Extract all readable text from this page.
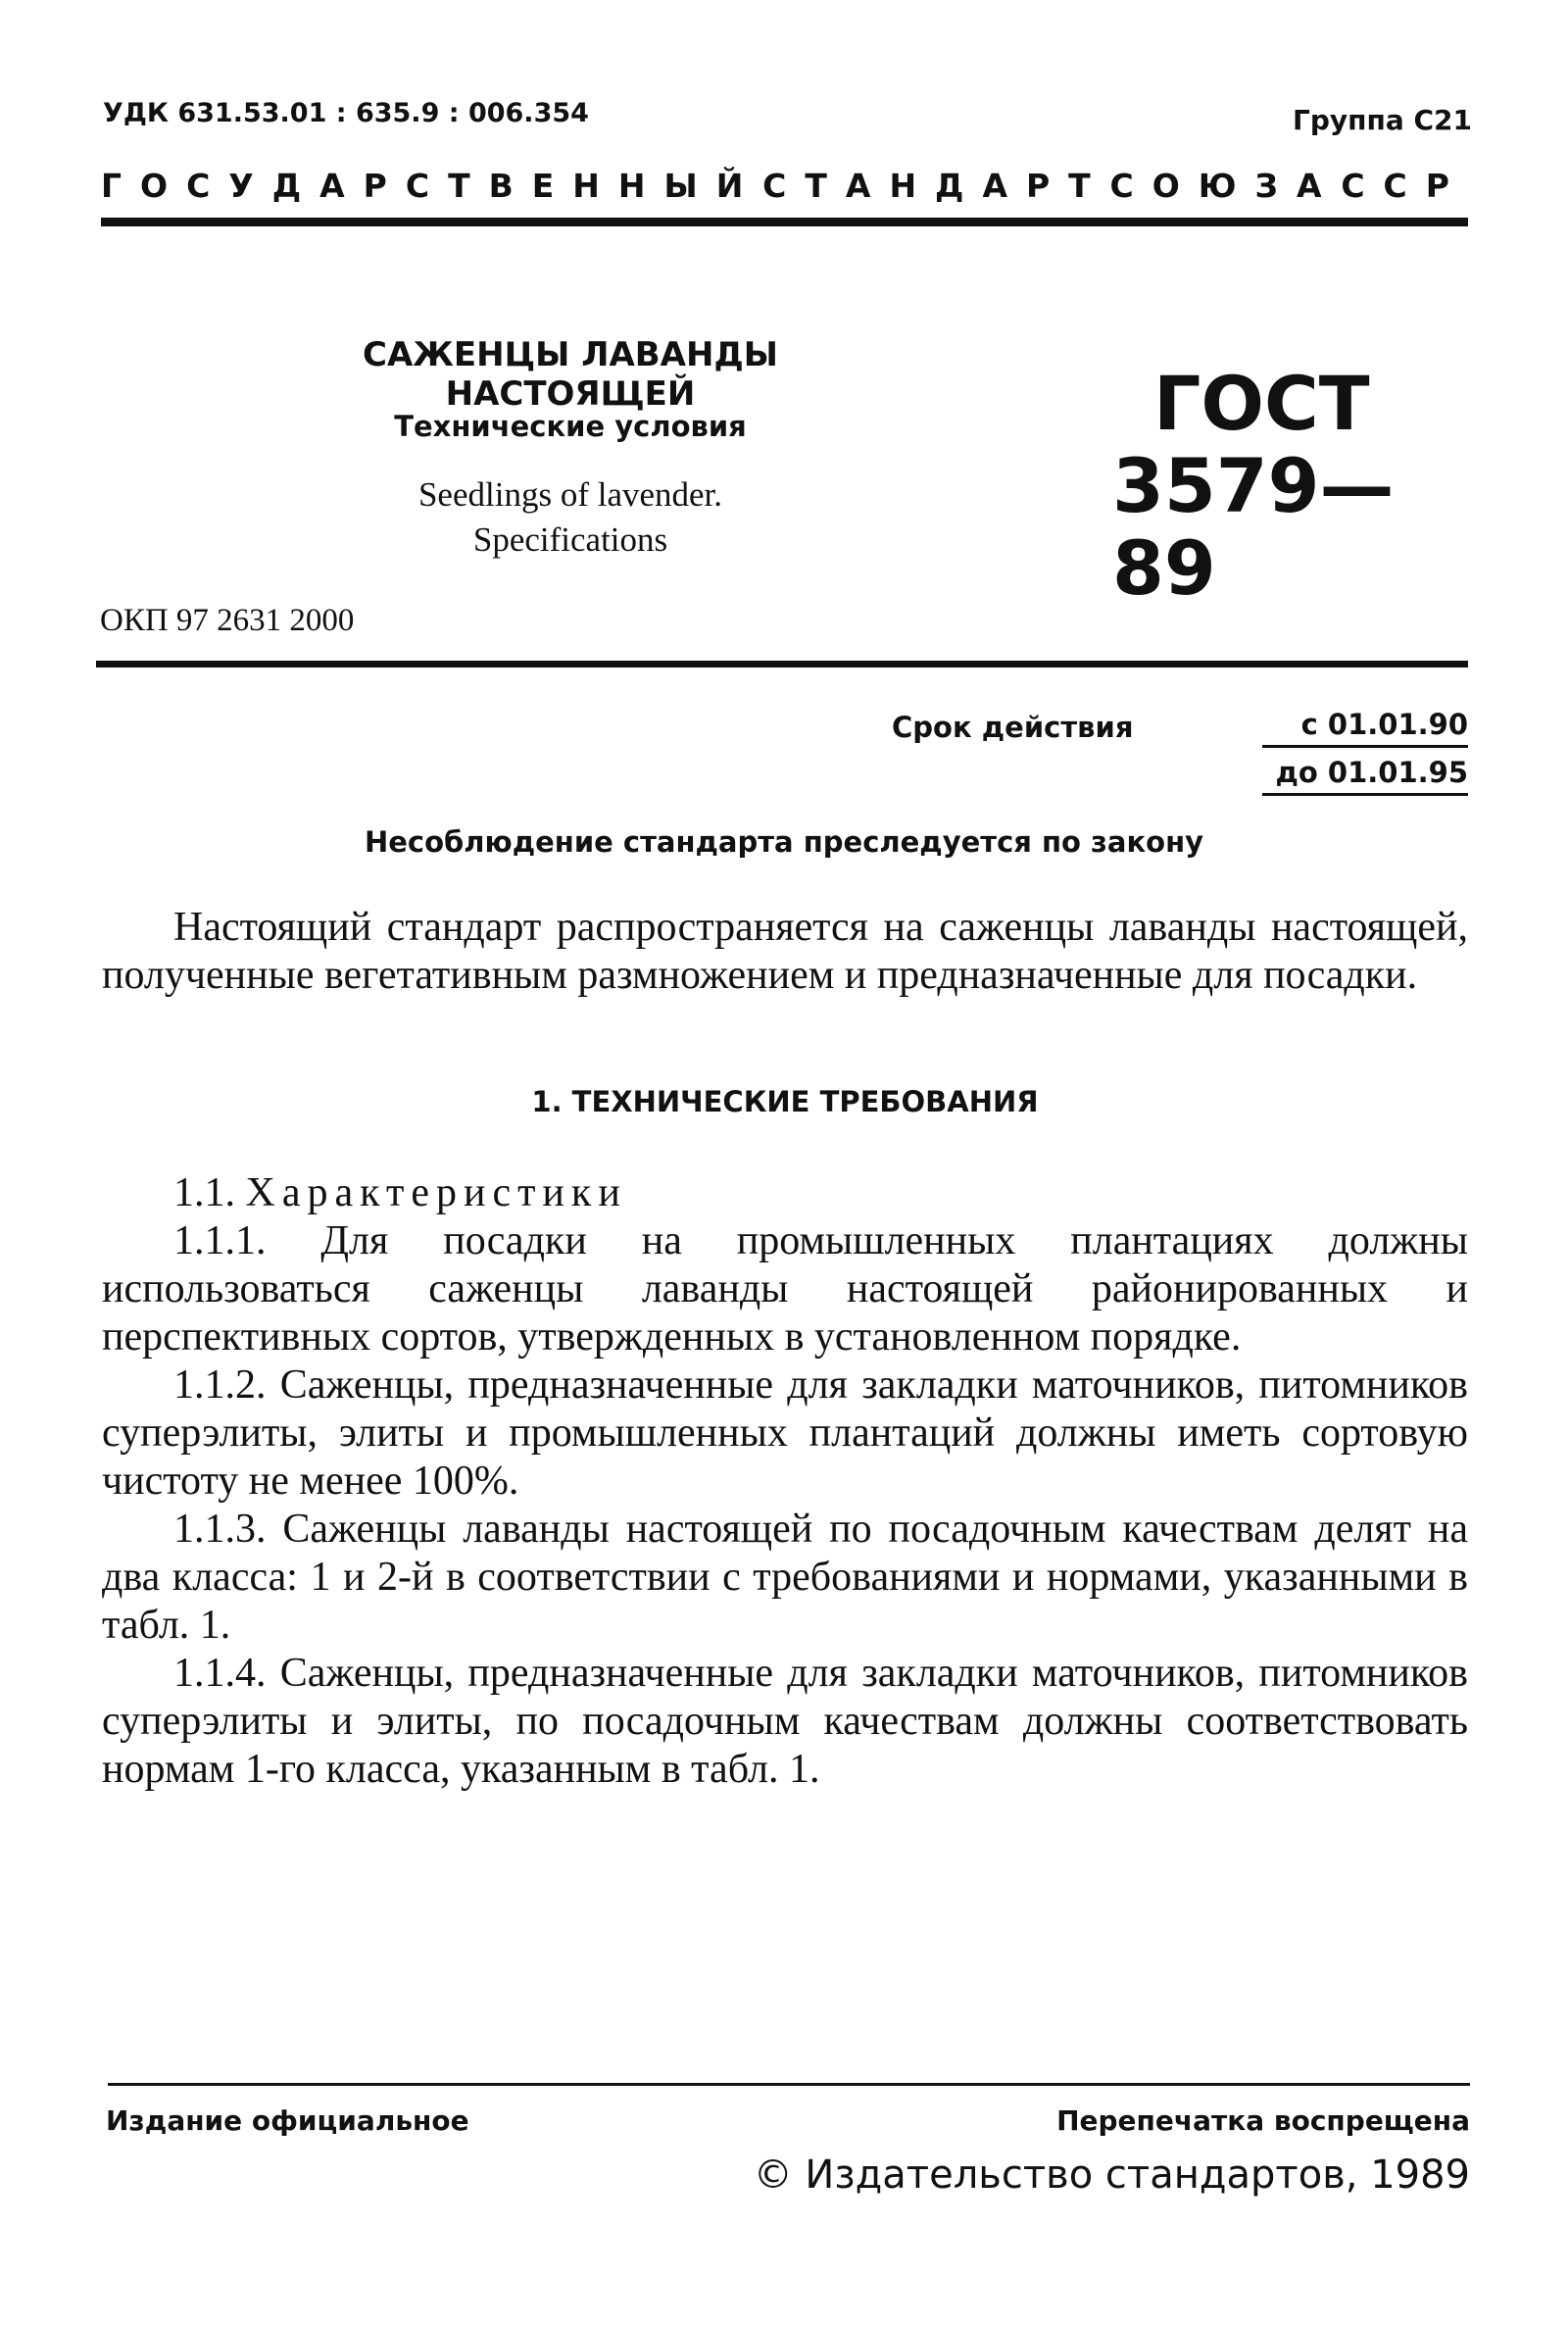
УДК 631.53.01 : 635.9 : 006.354	Группа С21
ГОСУДАРСТВЕННЫЙ СТАНДАРТ СОЮЗА ССР
САЖЕНЦЫ ЛАВАНДЫ НАСТОЯЩЕЙ
Технические условия
Seedlings of lavender.
Specifications
ГОСТ
3579—89
ОКП 97 2631 2000
Срок действия	с 01.01.90
до 01.01.95
Несоблюдение стандарта преследуется по закону

Настоящий стандарт распространяется на саженцы лаванды настоящей, полученные вегетативным размножением и предназначенные для посадки.

1. ТЕХНИЧЕСКИЕ ТРЕБОВАНИЯ

1.1. Характеристики

1.1.1. Для посадки на промышленных плантациях должны использоваться саженцы лаванды настоящей районированных и перспективных сортов, утвержденных в установленном порядке.

1.1.2. Саженцы, предназначенные для закладки маточников, питомников суперэлиты, элиты и промышленных плантаций должны иметь сортовую чистоту не менее 100%.

1.1.3. Саженцы лаванды настоящей по посадочным качествам делят на два класса: 1 и 2-й в соответствии с требованиями и нормами, указанными в табл. 1.

1.1.4. Саженцы, предназначенные для закладки маточников, питомников суперэлиты и элиты, по посадочным качествам должны соответствовать нормам 1-го класса, указанным в табл. 1.

Издание официальное	Перепечатка воспрещена
© Издательство стандартов, 1989
